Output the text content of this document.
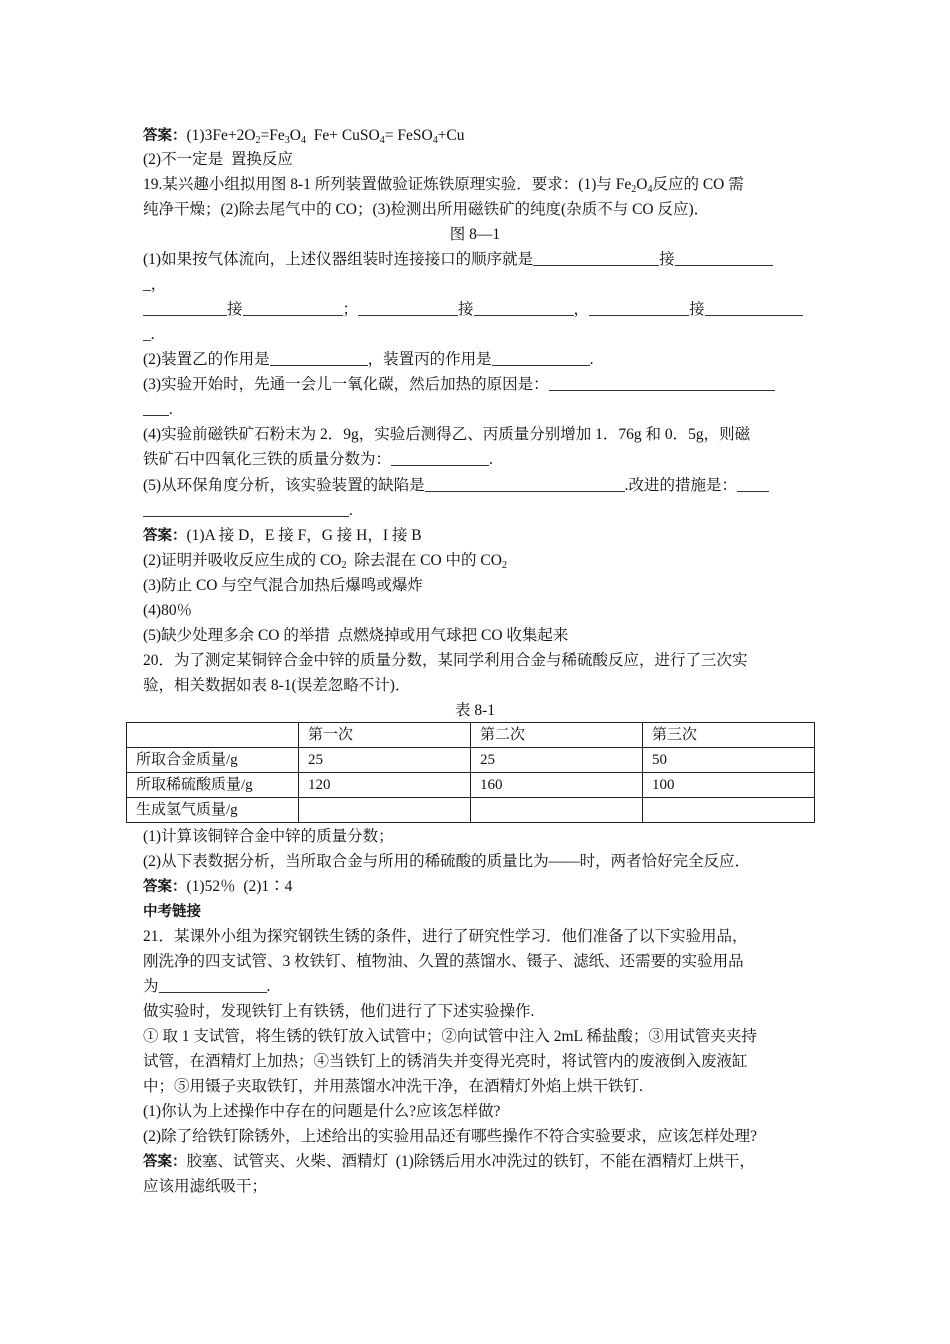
答案：$(1)3Fe+2O_2=Fe_3O_4$  Fe+ CuSO$_4$= FeSO$_4$+Cu
(2)不一定是  置换反应
19.某兴趣小组拟用图 8-1 所列装置做验证炼铁原理实验．要求：(1)与 $Fe_2O_4$反应的 CO 需
纯净干燥；(2)除去尾气中的 CO；(3)检测出所用磁铁矿的纯度(杂质不与 CO 反应)．
图 8—1
(1)如果按气体流向，上述仪器组装时连接接口的顺序就是	接
_，
接	；	接	，	接
_.
(2)装置乙的作用是	，装置丙的作用是	.
(3)实验开始时，先通一会儿一氧化碳，然后加热的原因是：
.
(4)实验前磁铁矿石粉末为 2．9g，实验后测得乙、丙质量分别增加 1．76g 和 0．5g，则磁
铁矿石中四氧化三铁的质量分数为：	.
(5)从环保角度分析，该实验装置的缺陷是	.改进的措施是：
.
答案：(1)A 接 D，E 接 F，G 接 H，I 接 B
(2)证明并吸收反应生成的 $CO_2$  除去混在 CO 中的 $CO_2$
(3)防止 CO 与空气混合加热后爆鸣或爆炸
(4)80％
(5)缺少处理多余 CO 的举措  点燃烧掉或用气球把 CO 收集起来
20．为了测定某铜锌合金中锌的质量分数，某同学利用合金与稀硫酸反应，进行了三次实
验，相关数据如表 8-1(误差忽略不计)．
表 8-1
	第一次	第二次	第三次
所取合金质量/g	25	25	50
所取稀硫酸质量/g	120	160	100
生成氢气质量/g			
(1)计算该铜锌合金中锌的质量分数；
(2)从下表数据分析，当所取合金与所用的稀硫酸的质量比为——时，两者恰好完全反应．
答案：(1)52％  (2)1∶4
中考链接
21．某课外小组为探究钢铁生锈的条件，进行了研究性学习．他们准备了以下实验用品，
刚洗净的四支试管、3 枚铁钉、植物油、久置的蒸馏水、镊子、滤纸、还需要的实验用品
为	.
做实验时，发现铁钉上有铁锈，他们进行了下述实验操作.
① 取 1 支试管，将生锈的铁钉放入试管中；②向试管中注入 2mL 稀盐酸；③用试管夹夹持
试管，在酒精灯上加热；④当铁钉上的锈消失并变得光亮时，将试管内的废液倒入废液缸
中；⑤用镊子夹取铁钉，并用蒸馏水冲洗干净，在酒精灯外焰上烘干铁钉.
(1)你认为上述操作中存在的问题是什么?应该怎样做?
(2)除了给铁钉除锈外，上述给出的实验用品还有哪些操作不符合实验要求，应该怎样处理?
答案：胶塞、试管夹、火柴、酒精灯  (1)除锈后用水冲洗过的铁钉，不能在酒精灯上烘干，
应该用滤纸吸干；
